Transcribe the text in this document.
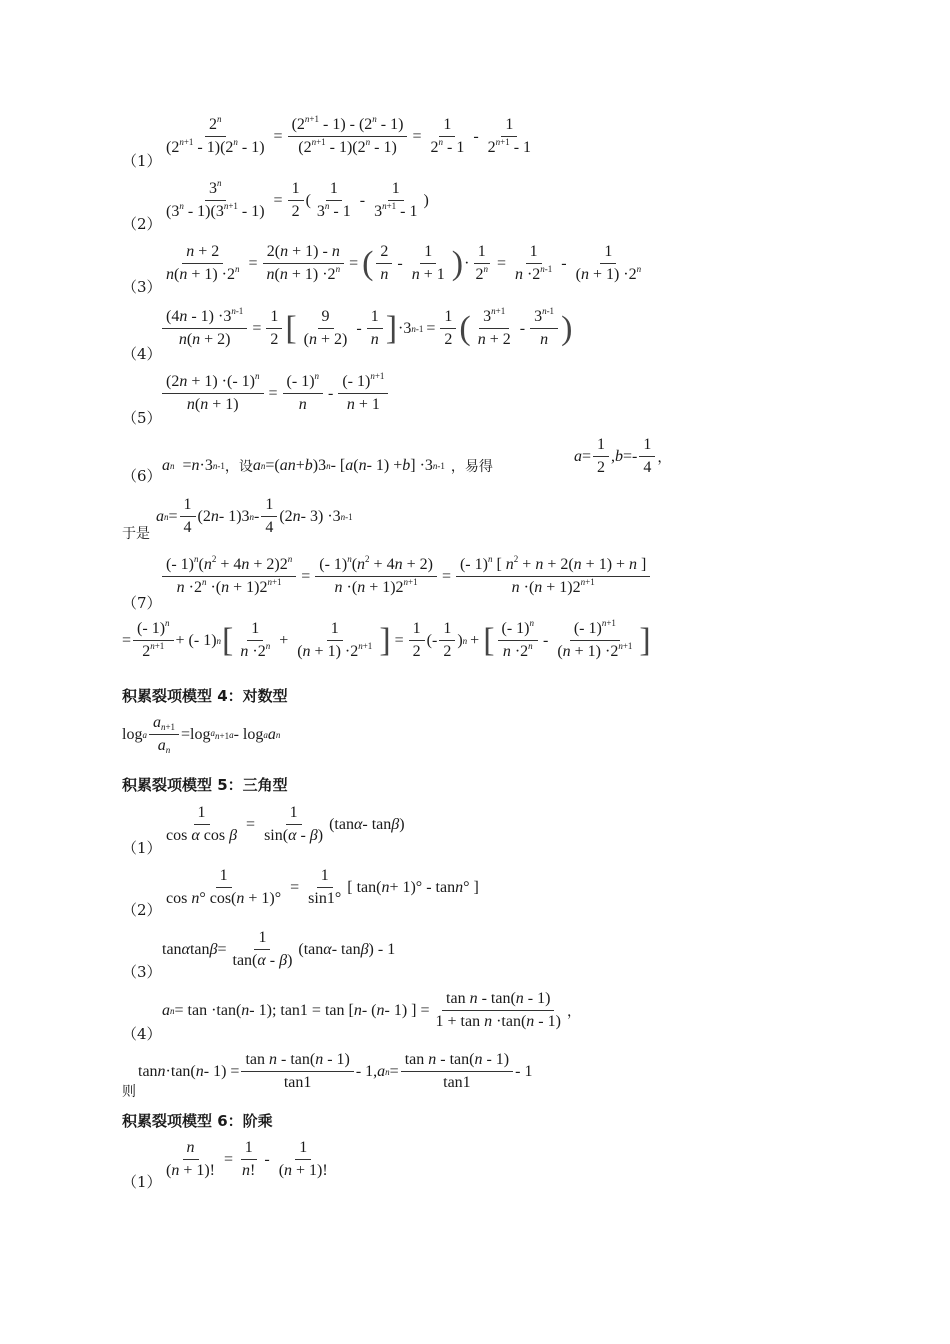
（1）
$\frac{2^n}{(2^{n+1} - 1)(2^n - 1)} = \frac{(2^{n+1} - 1) - (2^n - 1)}{(2^{n+1} - 1)(2^n - 1)} = \frac{1}{2^n - 1} - \frac{1}{2^{n+1} - 1}$
（2）
$\frac{3^n}{(3^n - 1)(3^{n+1} - 1)} = \frac{1}{2}$ ( $\frac{1}{3^n - 1} - \frac{1}{3^{n+1} - 1}$ )
（3）
$\frac{n + 2}{n(n + 1) \cdot 2^n} = \frac{2(n + 1) - n}{n(n + 1) \cdot 2^n}$ = ( $\frac{2}{n} - \frac{1}{n + 1}$ ) · $\frac{1}{2^n} = \frac{1}{n \cdot 2^{n-1}} - \frac{1}{(n + 1) \cdot 2^n}$
（4）
$\frac{(4n - 1) \cdot 3^{n-1}}{n(n + 2)} = \frac{1}{2}$ [ $\frac{9}{(n + 2)} - \frac{1}{n}$ ] ·3 $n-1 = \frac{1}{2}$ ( $\frac{3^{n+1}}{n + 2} - \frac{3^{n-1}}{n}$ )
（5）
$\frac{(2n + 1) \cdot(- 1)^n}{n(n + 1)} = \frac{(- 1)^n}{n} - \frac{(- 1)^{n+1}}{n + 1}$
（6）
a n = n ·3 n-1 ，设 a n =( an + b )3 n - [ a ( n - 1) + b ] ·3 n-1 ，易得
$a = \frac{1}{2}$ , $b =- \frac{1}{4}$ ，
于是
a $n = \frac{1}{4} (2$ n - 1)3 n - $\frac{1}{4} (2$ n - 3) ·3 n-1
（7）
$\frac{(- 1)^n(n^2 + 4n + 2)2^n}{n \cdot 2^n \cdot(n + 1)2^{n+1}} = \frac{(- 1)^n(n^2 + 4n + 2)}{n \cdot(n + 1)2^{n+1}} = \frac{(- 1)^n [ n^2 + n + 2(n + 1) + n ]}{n \cdot(n + 1)2^{n+1}}$
= $\frac{(- 1)^n}{2^{n+1}}$ + (- 1) n [ $\frac{1}{n \cdot 2^n} + \frac{1}{(n + 1) \cdot 2^{n+1}}$ ] = $\frac{1}{2}$ (- $\frac{1}{2}$ ) n + [ $\frac{(- 1)^n}{n \cdot 2^n} - \frac{(- 1)^{n+1}}{(n + 1) \cdot 2^{n+1}}$ ]
积累裂项模型 4：对数型
log a $\frac{a_{n+1}}{a_n} =\log$ $a_{n+1}$ a - log a a n
积累裂项模型 5：三角型
（1）
$\frac{1}{\text{cos α cos β}} = \frac{1}{\sin(\alpha - \beta)} (\tan$ α - tan β )
（2）
$\frac{1}{\text{cos n° cos(n + 1)°}} = \frac{1}{\sin 1^\circ}$ [ tan( n + 1)° - tan n ° ]
（3）
tan α $\tan \beta = \frac{1}{\tan(\alpha - \beta)} (\tan$ α - tan β ) - 1
（4）
a n = tan ·tan( n - 1); tan1 = tan [ n - ( n - 1) ] = $\frac{\text{tan n - tan(n - 1)}}{\text{1 + tan n ·tan(n - 1)}}$ ，
则
tan n ·tan( $n - 1) = \frac{\text{tan n - tan(n - 1)}}{\tan 1} - 1$, a $n = \frac{\text{tan n - tan(n - 1)}}{\tan 1} - 1$
积累裂项模型 6：阶乘
（1）
$\frac{n}{(n + 1)!} = \frac{1}{n!} - \frac{1}{(n + 1)!}$
